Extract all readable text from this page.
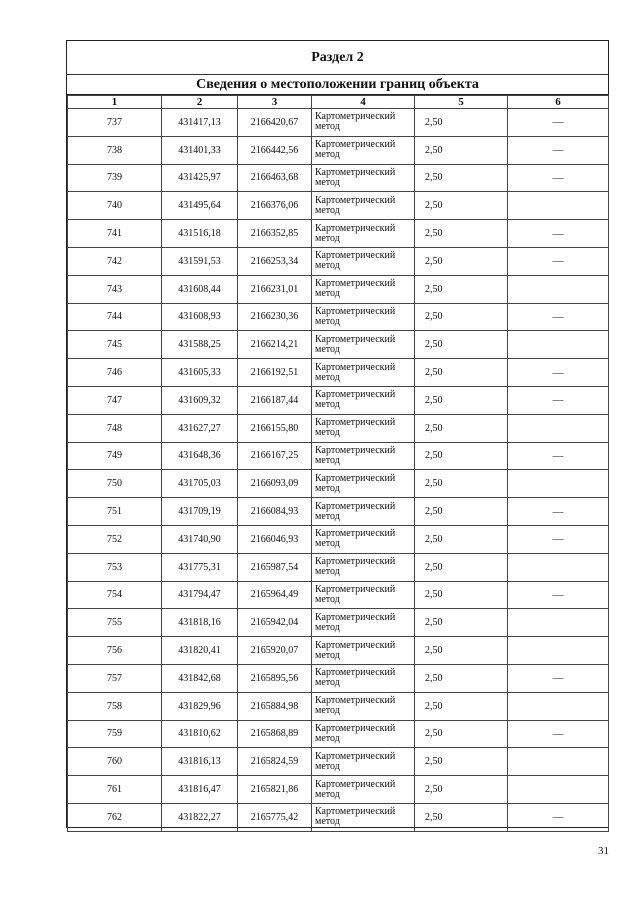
Раздел 2
Сведения о местоположении границ объекта
1	2	3	4	5	6
737	431417,13	2166420,67	Картометрический метод	2,50	—
738	431401,33	2166442,56	Картометрический метод	2,50	—
739	431425,97	2166463,68	Картометрический метод	2,50	—
740	431495,64	2166376,06	Картометрический метод	2,50	
741	431516,18	2166352,85	Картометрический метод	2,50	—
742	431591,53	2166253,34	Картометрический метод	2,50	—
743	431608,44	2166231,01	Картометрический метод	2,50	
744	431608,93	2166230,36	Картометрический метод	2,50	—
745	431588,25	2166214,21	Картометрический метод	2,50	
746	431605,33	2166192,51	Картометрический метод	2,50	—
747	431609,32	2166187,44	Картометрический метод	2,50	—
748	431627,27	2166155,80	Картометрический метод	2,50	
749	431648,36	2166167,25	Картометрический метод	2,50	—
750	431705,03	2166093,09	Картометрический метод	2,50	
751	431709,19	2166084,93	Картометрический метод	2,50	—
752	431740,90	2166046,93	Картометрический метод	2,50	—
753	431775,31	2165987,54	Картометрический метод	2,50	
754	431794,47	2165964,49	Картометрический метод	2,50	—
755	431818,16	2165942,04	Картометрический метод	2,50	
756	431820,41	2165920,07	Картометрический метод	2,50	
757	431842,68	2165895,56	Картометрический метод	2,50	—
758	431829,96	2165884,98	Картометрический метод	2,50	
759	431810,62	2165868,89	Картометрический метод	2,50	—
760	431816,13	2165824,59	Картометрический метод	2,50	
761	431816,47	2165821,86	Картометрический метод	2,50	
762	431822,27	2165775,42	Картометрический метод	2,50	—
31
